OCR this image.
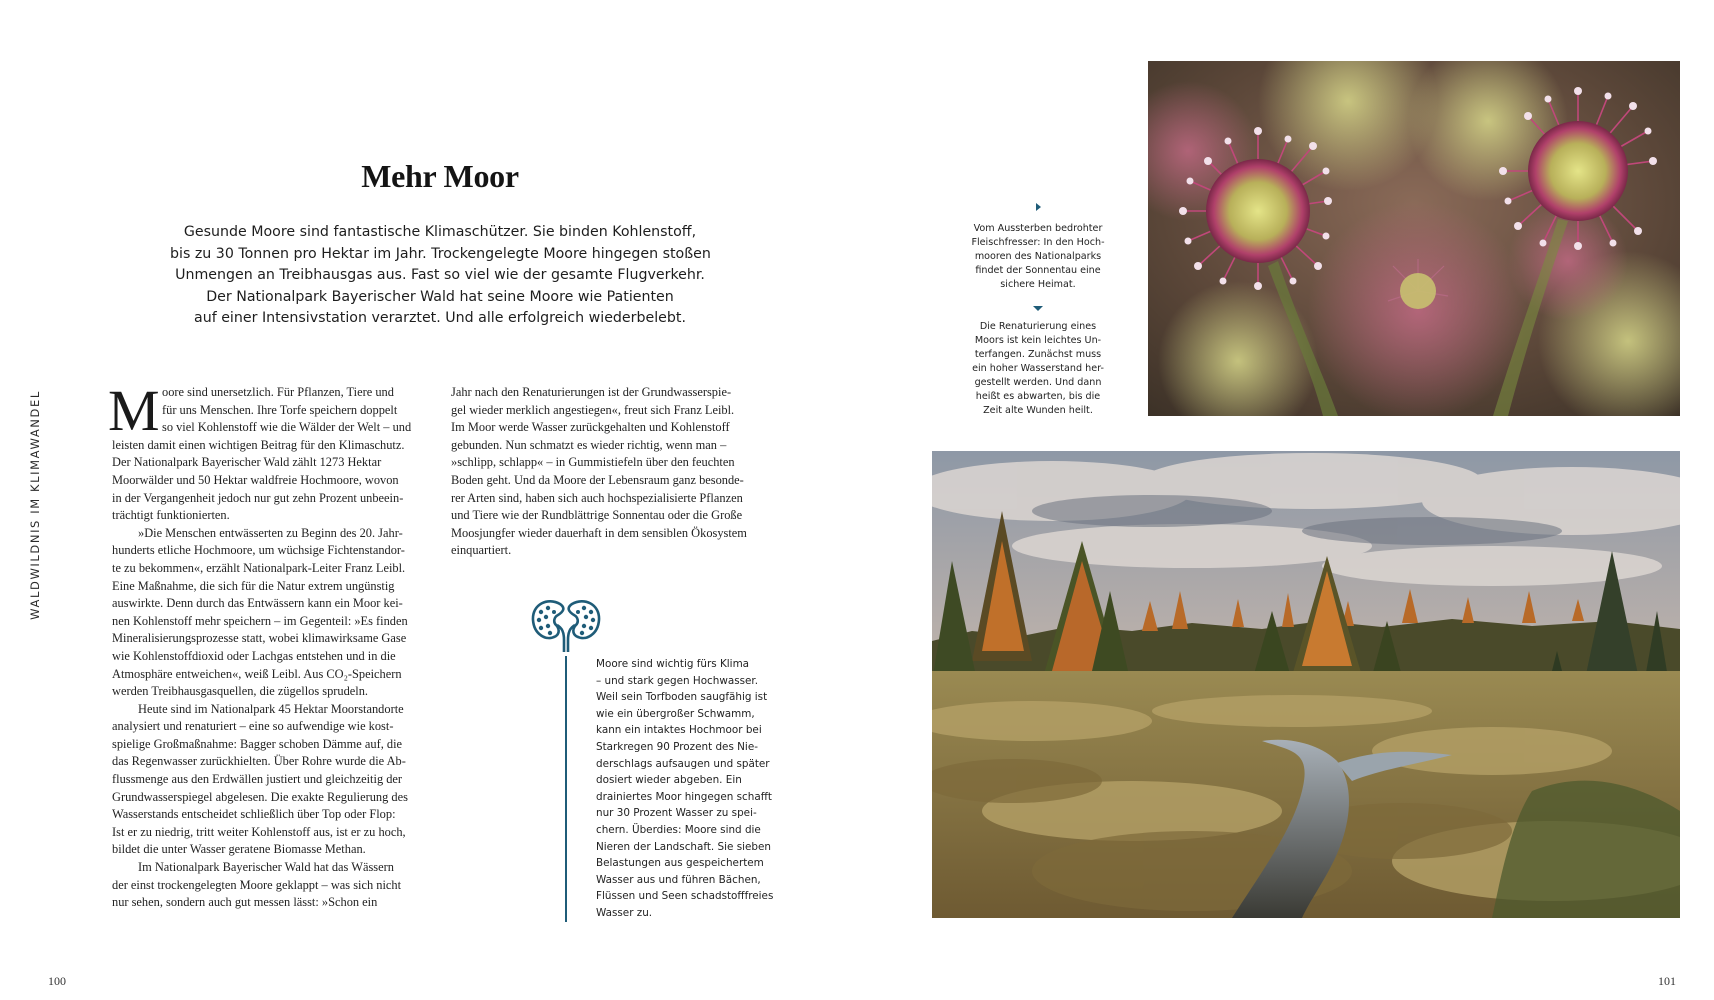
WALDWILDNIS IM KLIMAWANDEL
Mehr Moor
Gesunde Moore sind fantastische Klimaschützer. Sie binden Kohlenstoff,
bis zu 30 Tonnen pro Hektar im Jahr. Trockengelegte Moore hingegen stoßen
Unmengen an Treibhausgas aus. Fast so viel wie der gesamte Flugverkehr.
Der Nationalpark Bayerischer Wald hat seine Moore wie Patienten
auf einer Intensivstation verarztet. Und alle erfolgreich wiederbelebt.
M oore sind unersetzlich. Für Pflanzen, Tiere und
für uns Menschen. Ihre Torfe speichern doppelt
so viel Kohlenstoff wie die Wälder der Welt – und
leisten damit einen wichtigen Beitrag für den Klimaschutz.
Der Nationalpark Bayerischer Wald zählt 1273 Hektar
Moorwälder und 50 Hektar waldfreie Hochmoore, wovon
in der Vergangenheit jedoch nur gut zehn Prozent unbeein-
trächtigt funktionierten.
»Die Menschen entwässerten zu Beginn des 20. Jahr-
hunderts etliche Hochmoore, um wüchsige Fichtenstandor-
te zu bekommen«, erzählt Nationalpark-Leiter Franz Leibl.
Eine Maßnahme, die sich für die Natur extrem ungünstig
auswirkte. Denn durch das Entwässern kann ein Moor kei-
nen Kohlenstoff mehr speichern – im Gegenteil: »Es finden
Mineralisierungsprozesse statt, wobei klimawirksame Gase
wie Kohlenstoffdioxid oder Lachgas entstehen und in die
Atmosphäre entweichen«, weiß Leibl. Aus CO₂-Speichern
werden Treibhausgasquellen, die zügellos sprudeln.
Heute sind im Nationalpark 45 Hektar Moorstandorte
analysiert und renaturiert – eine so aufwendige wie kost-
spielige Großmaßnahme: Bagger schoben Dämme auf, die
das Regenwasser zurückhielten. Über Rohre wurde die Ab-
flussmenge aus den Erdwällen justiert und gleichzeitig der
Grundwasserspiegel abgelesen. Die exakte Regulierung des
Wasserstands entscheidet schließlich über Top oder Flop:
Ist er zu niedrig, tritt weiter Kohlenstoff aus, ist er zu hoch,
bildet die unter Wasser geratene Biomasse Methan.
Im Nationalpark Bayerischer Wald hat das Wässern
der einst trockengelegten Moore geklappt – was sich nicht
nur sehen, sondern auch gut messen lässt: »Schon ein
Jahr nach den Renaturierungen ist der Grundwasserspie-
gel wieder merklich angestiegen«, freut sich Franz Leibl.
Im Moor werde Wasser zurückgehalten und Kohlenstoff
gebunden. Nun schmatzt es wieder richtig, wenn man –
»schlipp, schlapp« – in Gummistiefeln über den feuchten
Boden geht. Und da Moore der Lebensraum ganz besonde-
rer Arten sind, haben sich auch hochspezialisierte Pflanzen
und Tiere wie der Rundblättrige Sonnentau oder die Große
Moosjungfer wieder dauerhaft in dem sensiblen Ökosystem
einquartiert.
Moore sind wichtig fürs Klima
– und stark gegen Hochwasser.
Weil sein Torfboden saugfähig ist
wie ein übergroßer Schwamm,
kann ein intaktes Hochmoor bei
Starkregen 90 Prozent des Nie-
derschlags aufsaugen und später
dosiert wieder abgeben. Ein
drainiertes Moor hingegen schafft
nur 30 Prozent Wasser zu spei-
chern. Überdies: Moore sind die
Nieren der Landschaft. Sie sieben
Belastungen aus gespeichertem
Wasser aus und führen Bächen,
Flüssen und Seen schadstofffreies
Wasser zu.
Vom Aussterben bedrohter
Fleischfresser: In den Hoch-
mooren des Nationalparks
findet der Sonnentau eine
sichere Heimat.
Die Renaturierung eines
Moors ist kein leichtes Un-
terfangen. Zunächst muss
ein hoher Wasserstand her-
gestellt werden. Und dann
heißt es abwarten, bis die
Zeit alte Wunden heilt.
100	101
